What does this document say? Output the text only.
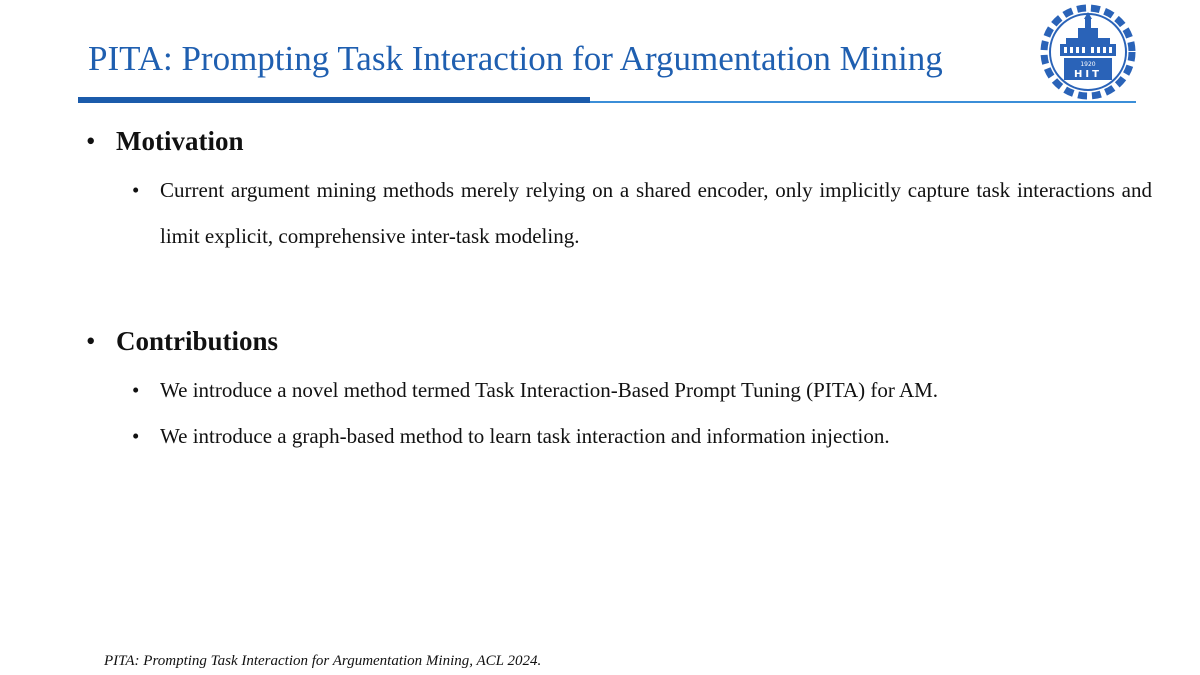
PITA: Prompting Task Interaction for Argumentation Mining	1920
HIT
• Motivation
• Current argument mining methods merely relying on a shared encoder, only implicitly capture task interactions and limit explicit, comprehensive inter-task modeling.
• Contributions
• We introduce a novel method termed Task Interaction-Based Prompt Tuning (PITA) for AM.
• We introduce a graph-based method to learn task interaction and information injection.
PITA: Prompting Task Interaction for Argumentation Mining, ACL 2024.
